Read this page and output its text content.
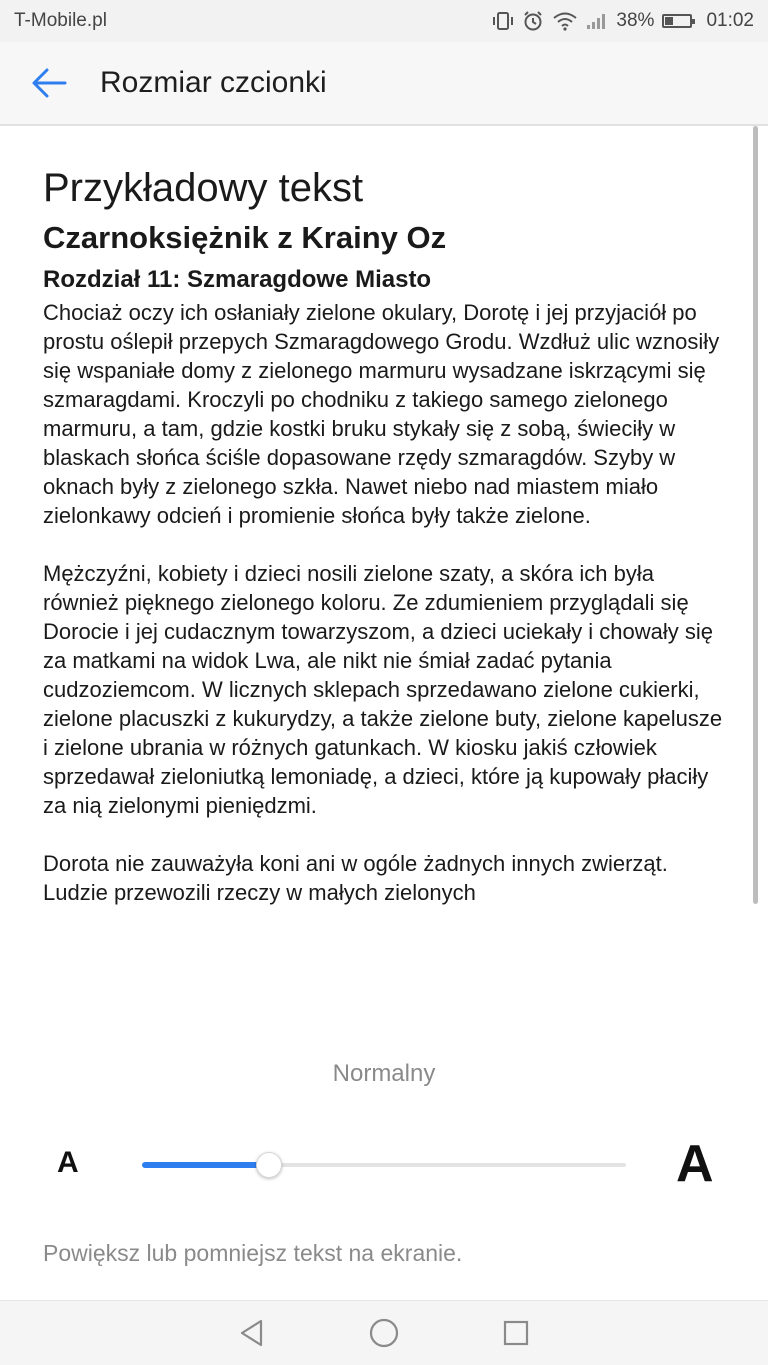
T-Mobile.pl	38%	01:02
Rozmiar czcionki
Przykładowy tekst
Czarnoksiężnik z Krainy Oz
Rozdział 11: Szmaragdowe Miasto

Chociaż oczy ich osłaniały zielone okulary, Dorotę i jej przyjaciół po prostu oślepił przepych Szmaragdowego Grodu. Wzdłuż ulic wznosiły się wspaniałe domy z zielonego marmuru wysadzane iskrzącymi się szmaragdami. Kroczyli po chodniku z takiego samego zielonego marmuru, a tam, gdzie kostki bruku stykały się z sobą, świeciły w blaskach słońca ściśle dopasowane rzędy szmaragdów. Szyby w oknach były z zielonego szkła. Nawet niebo nad miastem miało zielonkawy odcień i promienie słońca były także zielone.

Mężczyźni, kobiety i dzieci nosili zielone szaty, a skóra ich była również pięknego zielonego koloru. Ze zdumieniem przyglądali się Dorocie i jej cudacznym towarzyszom, a dzieci uciekały i chowały się za matkami na widok Lwa, ale nikt nie śmiał zadać pytania cudzoziemcom. W licznych sklepach sprzedawano zielone cukierki, zielone placuszki z kukurydzy, a także zielone buty, zielone kapelusze i zielone ubrania w różnych gatunkach. W kiosku jakiś człowiek sprzedawał zieloniutką lemoniadę, a dzieci, które ją kupowały płaciły za nią zielonymi pieniędzmi.

Dorota nie zauważyła koni ani w ogóle żadnych innych zwierząt. Ludzie przewozili rzeczy w małych zielonych

Normalny
A	A
Powiększ lub pomniejsz tekst na ekranie.
